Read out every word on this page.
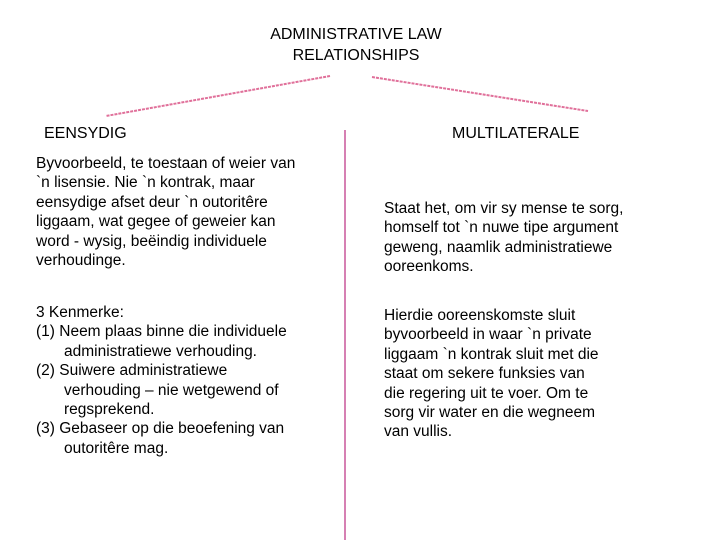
ADMINISTRATIVE LAW
RELATIONSHIPS
EENSYDIG	MULTILATERALE
Byvoorbeeld, te toestaan of weier van
`n lisensie. Nie `n kontrak, maar
eensydige afset deur `n outoritêre
liggaam, wat gegee of geweier kan
word - wysig, beëindig individuele
verhoudinge.
3 Kenmerke:
(1) Neem plaas binne die individuele
administratiewe verhouding.
(2) Suiwere administratiewe
verhouding – nie wetgewend of
regsprekend.
(3) Gebaseer op die beoefening van
outoritêre mag.
Staat het, om vir sy mense te sorg,
homself tot `n nuwe tipe argument
geweng, naamlik administratiewe
ooreenkoms.
Hierdie ooreenskomste sluit
byvoorbeeld in waar `n private
liggaam `n kontrak sluit met die
staat om sekere funksies van
die regering uit te voer. Om te
sorg vir water en die wegneem
van vullis.
